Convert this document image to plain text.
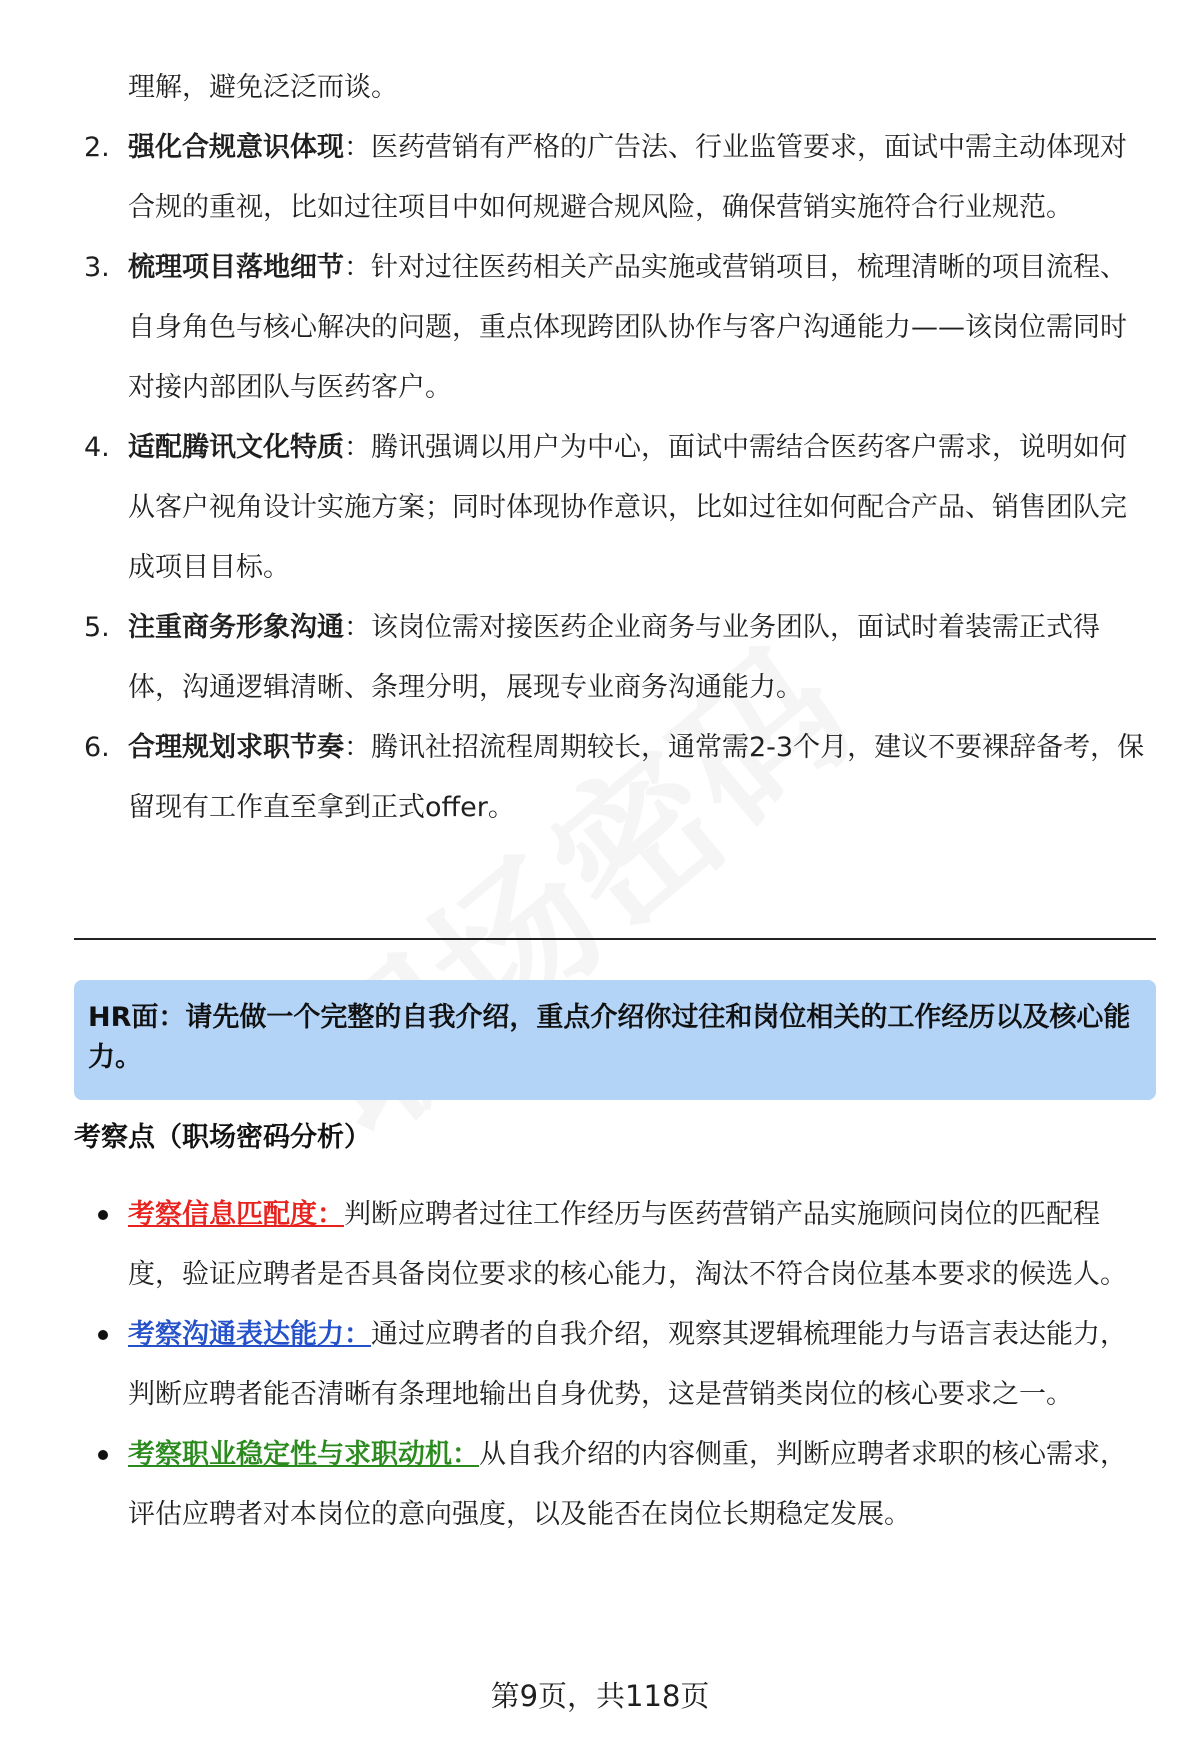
理解，避免泛泛而谈。
2. 强化合规意识体现：医药营销有严格的广告法、行业监管要求，面试中需主动体现对合规的重视，比如过往项目中如何规避合规风险，确保营销实施符合行业规范。
3. 梳理项目落地细节：针对过往医药相关产品实施或营销项目，梳理清晰的项目流程、自身角色与核心解决的问题，重点体现跨团队协作与客户沟通能力——该岗位需同时对接内部团队与医药客户。
4. 适配腾讯文化特质：腾讯强调以用户为中心，面试中需结合医药客户需求，说明如何从客户视角设计实施方案；同时体现协作意识，比如过往如何配合产品、销售团队完成项目目标。
5. 注重商务形象沟通：该岗位需对接医药企业商务与业务团队，面试时着装需正式得体，沟通逻辑清晰、条理分明，展现专业商务沟通能力。
6. 合理规划求职节奏：腾讯社招流程周期较长，通常需2-3个月，建议不要裸辞备考，保留现有工作直至拿到正式offer。
HR面：请先做一个完整的自我介绍，重点介绍你过往和岗位相关的工作经历以及核心能力。
考察点（职场密码分析）
考察信息匹配度：判断应聘者过往工作经历与医药营销产品实施顾问岗位的匹配程度，验证应聘者是否具备岗位要求的核心能力，淘汰不符合岗位基本要求的候选人。
考察沟通表达能力：通过应聘者的自我介绍，观察其逻辑梳理能力与语言表达能力，判断应聘者能否清晰有条理地输出自身优势，这是营销类岗位的核心要求之一。
考察职业稳定性与求职动机：从自我介绍的内容侧重，判断应聘者求职的核心需求，评估应聘者对本岗位的意向强度，以及能否在岗位长期稳定发展。
第9页，共118页
